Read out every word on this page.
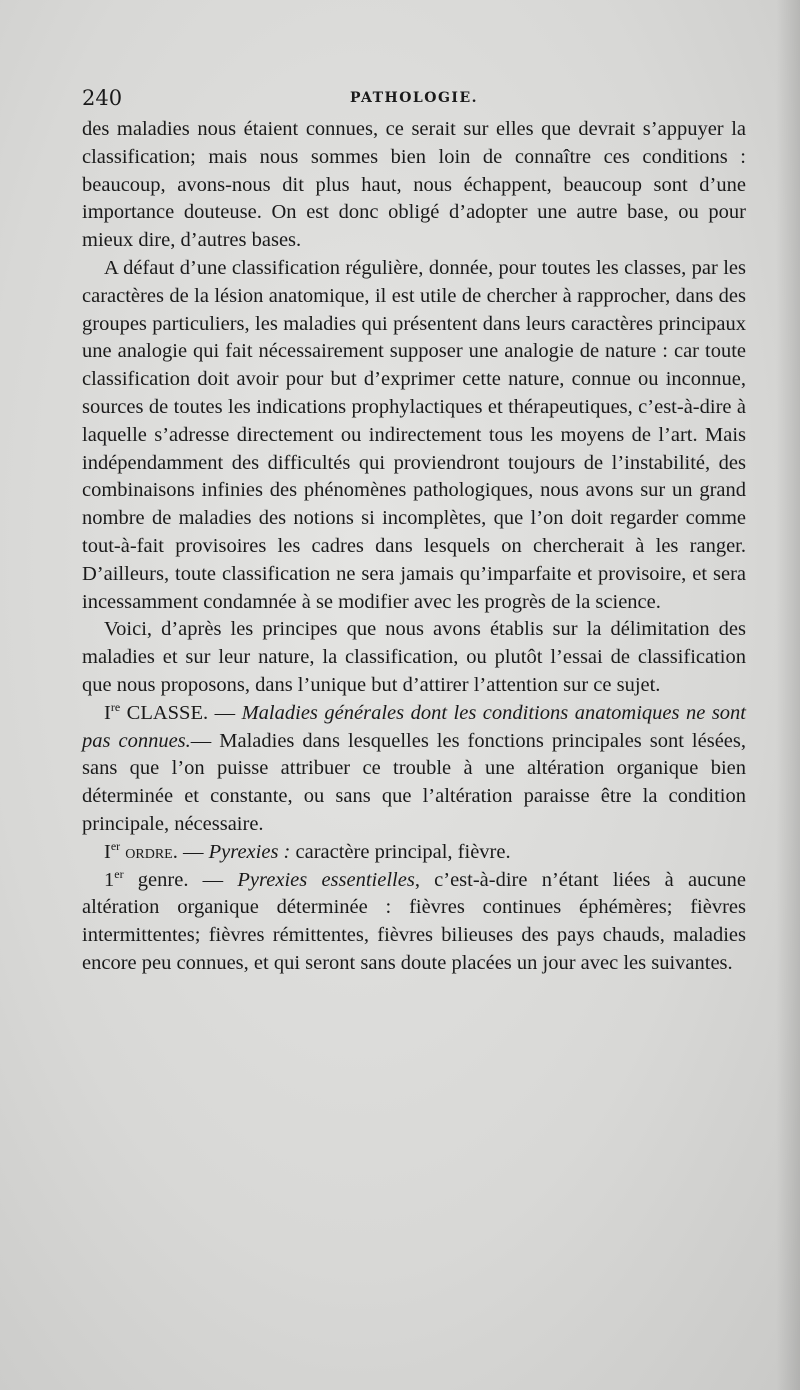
240	PATHOLOGIE.

des maladies nous étaient connues, ce serait sur elles que devrait s’appuyer la classification; mais nous sommes bien loin de connaître ces conditions : beaucoup, avons-nous dit plus haut, nous échappent, beaucoup sont d’une importance douteuse. On est donc obligé d’adopter une autre base, ou pour mieux dire, d’autres bases.

A défaut d’une classification régulière, donnée, pour toutes les classes, par les caractères de la lésion anatomique, il est utile de chercher à rapprocher, dans des groupes particuliers, les maladies qui présentent dans leurs caractères principaux une analogie qui fait nécessairement supposer une analogie de nature : car toute classification doit avoir pour but d’exprimer cette nature, connue ou inconnue, sources de toutes les indications prophylactiques et thérapeutiques, c’est-à-dire à laquelle s’adresse directement ou indirectement tous les moyens de l’art. Mais indépendamment des difficultés qui proviendront toujours de l’instabilité, des combinaisons infinies des phénomènes pathologiques, nous avons sur un grand nombre de maladies des notions si incomplètes, que l’on doit regarder comme tout-à-fait provisoires les cadres dans lesquels on chercherait à les ranger. D’ailleurs, toute classification ne sera jamais qu’imparfaite et provisoire, et sera incessamment condamnée à se modifier avec les progrès de la science.

Voici, d’après les principes que nous avons établis sur la délimitation des maladies et sur leur nature, la classification, ou plutôt l’essai de classification que nous proposons, dans l’unique but d’attirer l’attention sur ce sujet.

Ire CLASSE. — Maladies générales dont les conditions anatomiques ne sont pas connues.— Maladies dans lesquelles les fonctions principales sont lésées, sans que l’on puisse attribuer ce trouble à une altération organique bien déterminée et constante, ou sans que l’altération paraisse être la condition principale, nécessaire.

Ier ordre. — Pyrexies : caractère principal, fièvre.

1er genre. — Pyrexies essentielles, c’est-à-dire n’étant liées à aucune altération organique déterminée : fièvres continues éphémères; fièvres intermittentes; fièvres rémittentes, fièvres bilieuses des pays chauds, maladies encore peu connues, et qui seront sans doute placées un jour avec les suivantes.
